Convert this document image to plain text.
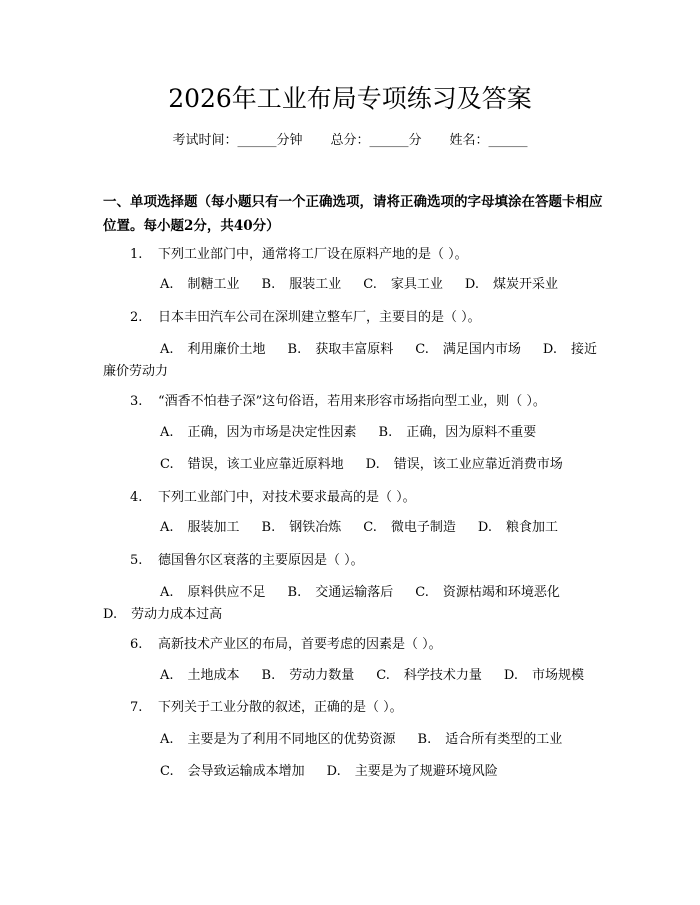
2026年工业布局专项练习及答案
考试时间：______分钟 总分：______分 姓名：______
一、单项选择题（每小题只有一个正确选项，请将正确选项的字母填涂在答题卡相应位置。每小题2分，共40分）
1. 下列工业部门中，通常将工厂设在原料产地的是（ ）。
A. 制糖工业 B. 服装工业 C. 家具工业 D. 煤炭开采业
2. 日本丰田汽车公司在深圳建立整车厂，主要目的是（ ）。
A. 利用廉价土地 B. 获取丰富原料 C. 满足国内市场 D. 接近廉价劳动力
3. “酒香不怕巷子深”这句俗语，若用来形容市场指向型工业，则（ ）。
A. 正确，因为市场是决定性因素 B. 正确，因为原料不重要
C. 错误，该工业应靠近原料地 D. 错误，该工业应靠近消费市场
4. 下列工业部门中，对技术要求最高的是（ ）。
A. 服装加工 B. 钢铁冶炼 C. 微电子制造 D. 粮食加工
5. 德国鲁尔区衰落的主要原因是（ ）。
A. 原料供应不足 B. 交通运输落后 C. 资源枯竭和环境恶化D. 劳动力成本过高
6. 高新技术产业区的布局，首要考虑的因素是（ ）。
A. 土地成本 B. 劳动力数量 C. 科学技术力量 D. 市场规模
7. 下列关于工业分散的叙述，正确的是（ ）。
A. 主要是为了利用不同地区的优势资源 B. 适合所有类型的工业
C. 会导致运输成本增加 D. 主要是为了规避环境风险
